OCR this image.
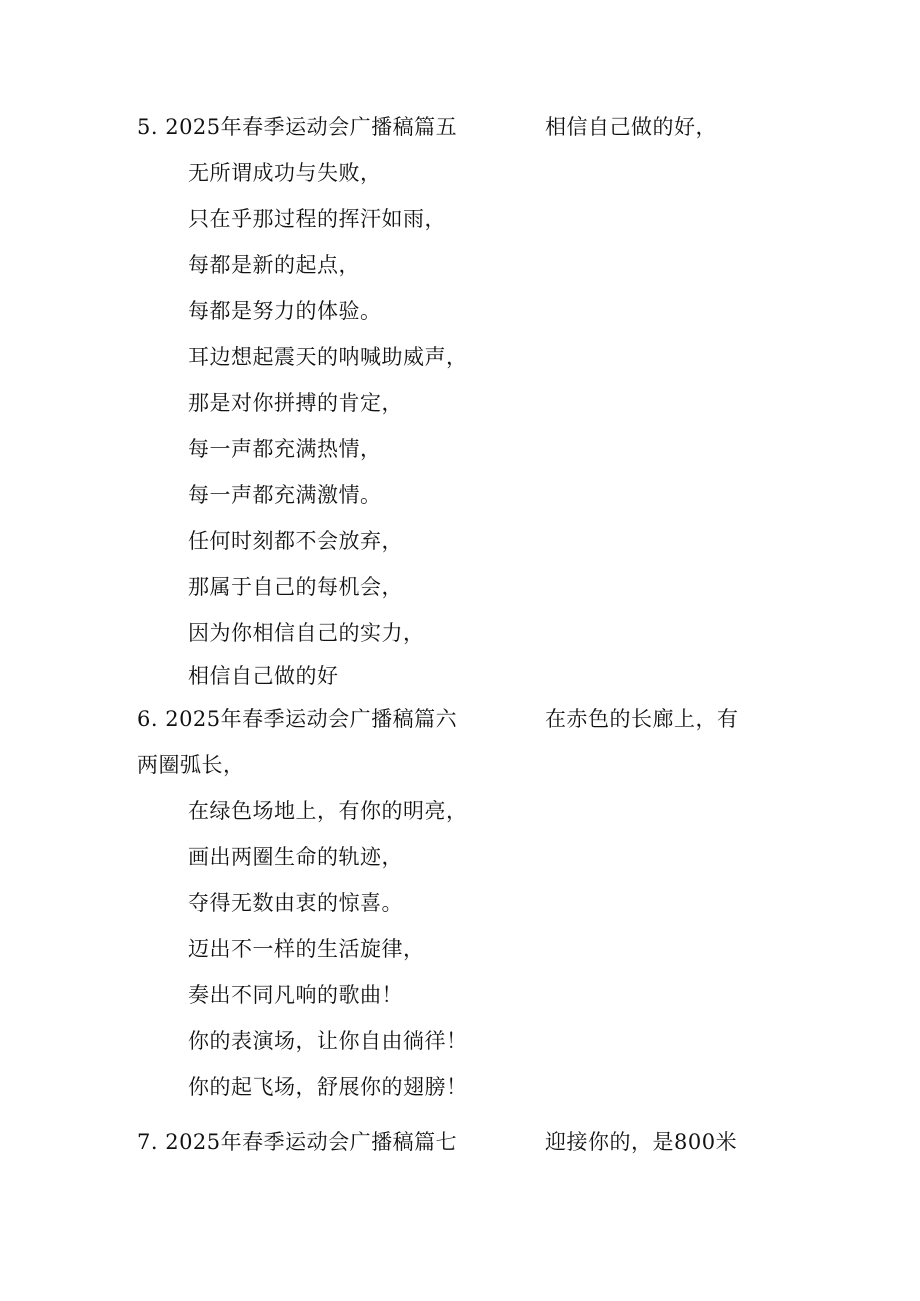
5. 2025年春季运动会广播稿篇五	相信自己做的好，
无所谓成功与失败，
只在乎那过程的挥汗如雨，
每都是新的起点，
每都是努力的体验。
耳边想起震天的呐喊助威声，
那是对你拼搏的肯定，
每一声都充满热情，
每一声都充满激情。
任何时刻都不会放弃，
那属于自己的每机会，
因为你相信自己的实力，
相信自己做的好
6. 2025年春季运动会广播稿篇六	在赤色的长廊上，有
两圈弧长，
在绿色场地上，有你的明亮，
画出两圈生命的轨迹，
夺得无数由衷的惊喜。
迈出不一样的生活旋律，
奏出不同凡响的歌曲！
你的表演场，让你自由徜徉！
你的起飞场，舒展你的翅膀！
7. 2025年春季运动会广播稿篇七	迎接你的，是800米
